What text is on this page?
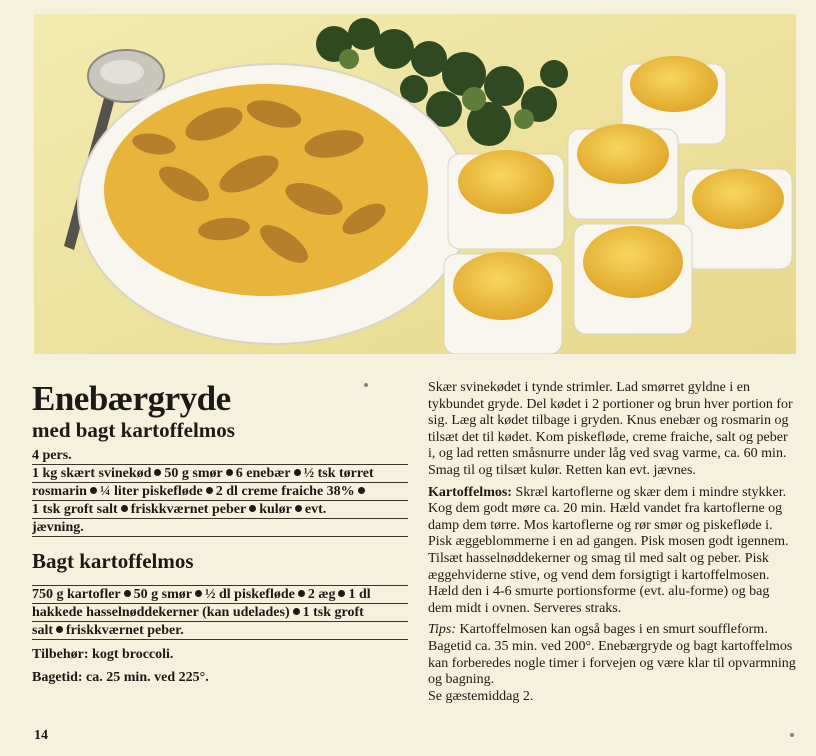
Enebærgryde
med bagt kartoffelmos

4 pers.

1 kg skært svinekød 50 g smør 6 enebær ½ tsk tørret
rosmarin ¼ liter piskefløde 2 dl creme fraiche 38%
1 tsk groft salt friskkværnet peber kulør evt.
jævning.
Bagt kartoffelmos
750 g kartofler 50 g smør ½ dl piskefløde 2 æg 1 dl
hakkede hasselnøddekerner (kan udelades) 1 tsk groft
salt friskkværnet peber.

Tilbehør: kogt broccoli.

Bagetid: ca. 25 min. ved 225°.

Skær svinekødet i tynde strimler. Lad smørret gyldne i en tykbundet gryde. Del kødet i 2 portioner og brun hver portion for sig. Læg alt kødet tilbage i gryden. Knus enebær og rosmarin og tilsæt det til kødet. Kom piskefløde, creme fraiche, salt og peber i, og lad retten småsnurre under låg ved svag varme, ca. 60 min. Smag til og tilsæt kulør. Retten kan evt. jævnes.

Kartoffelmos: Skræl kartoflerne og skær dem i mindre stykker. Kog dem godt møre ca. 20 min. Hæld vandet fra kartoflerne og damp dem tørre. Mos kartoflerne og rør smør og piskefløde i. Pisk æggeblommerne i en ad gangen. Pisk mosen godt igennem. Tilsæt hasselnøddekerner og smag til med salt og peber. Pisk æggehviderne stive, og vend dem forsigtigt i kartoffelmosen. Hæld den i 4-6 smurte portionsforme (evt. alu-forme) og bag dem midt i ovnen. Serveres straks.

Tips: Kartoffelmosen kan også bages i en smurt souffleform. Bagetid ca. 35 min. ved 200°. Enebærgryde og bagt kartoffelmos kan forberedes nogle timer i forvejen og være klar til opvarmning og bagning.
Se gæstemiddag 2.

14
